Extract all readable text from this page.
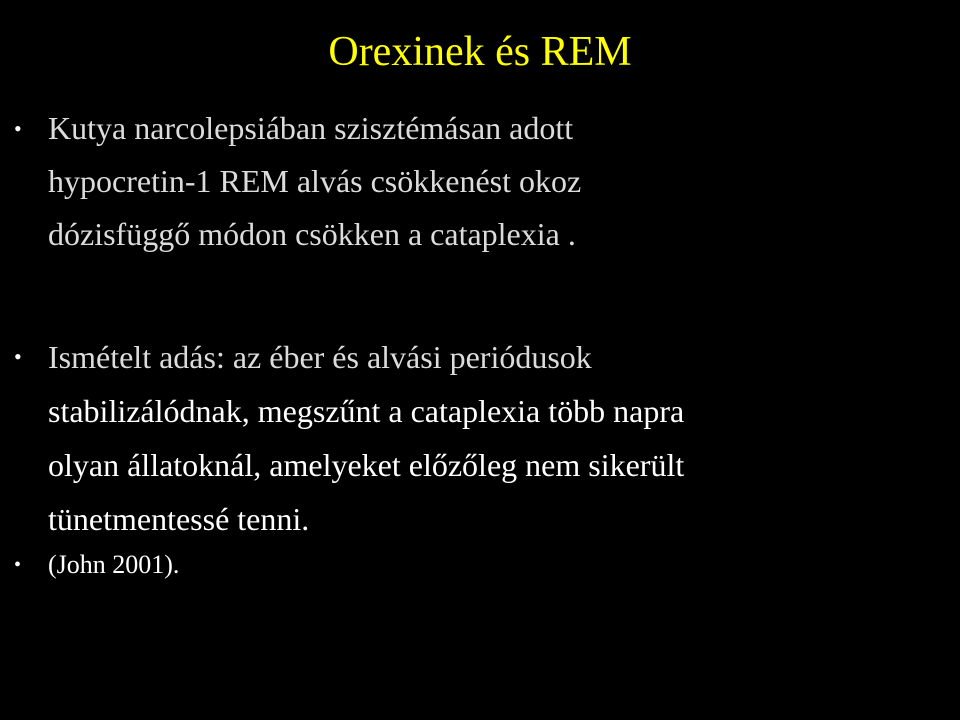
Orexinek és REM
• Kutya narcolepsiában szisztémásan adott
hypocretin-1 REM alvás csökkenést okoz
dózisfüggő módon csökken a cataplexia .
• Ismételt adás: az éber és alvási periódusok
stabilizálódnak, megszűnt a cataplexia több napra
olyan állatoknál, amelyeket előzőleg nem sikerült
tünetmentessé tenni.
•	(John 2001).
